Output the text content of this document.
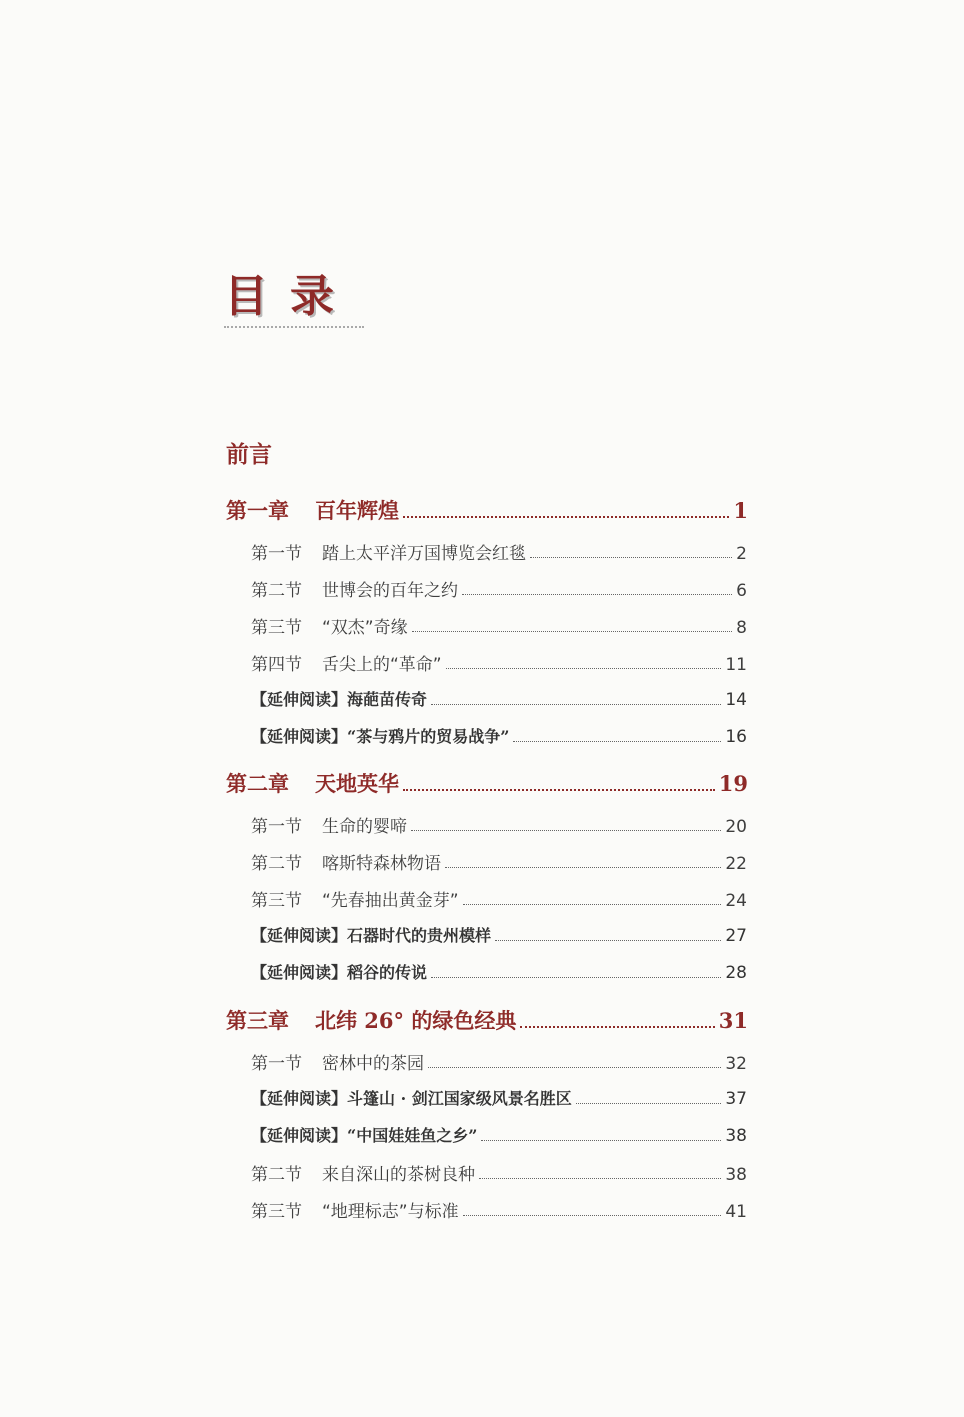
目录
前言
第一章 百年辉煌	1
第一节 踏上太平洋万国博览会红毯	2
第二节 世博会的百年之约	6
第三节 “双杰”奇缘	8
第四节 舌尖上的“革命”	11
【延伸阅读】 海葩苗传奇	14
【延伸阅读】 “茶与鸦片的贸易战争”	16
第二章 天地英华	19
第一节 生命的婴啼	20
第二节 喀斯特森林物语	22
第三节 “先春抽出黄金芽”	24
【延伸阅读】 石器时代的贵州模样	27
【延伸阅读】 稻谷的传说	28
第三章 北纬 26° 的绿色经典	31
第一节 密林中的茶园	32
【延伸阅读】 斗篷山 · 剑江国家级风景名胜区	37
【延伸阅读】 “中国娃娃鱼之乡”	38
第二节 来自深山的茶树良种	38
第三节 “地理标志”与标准	41
